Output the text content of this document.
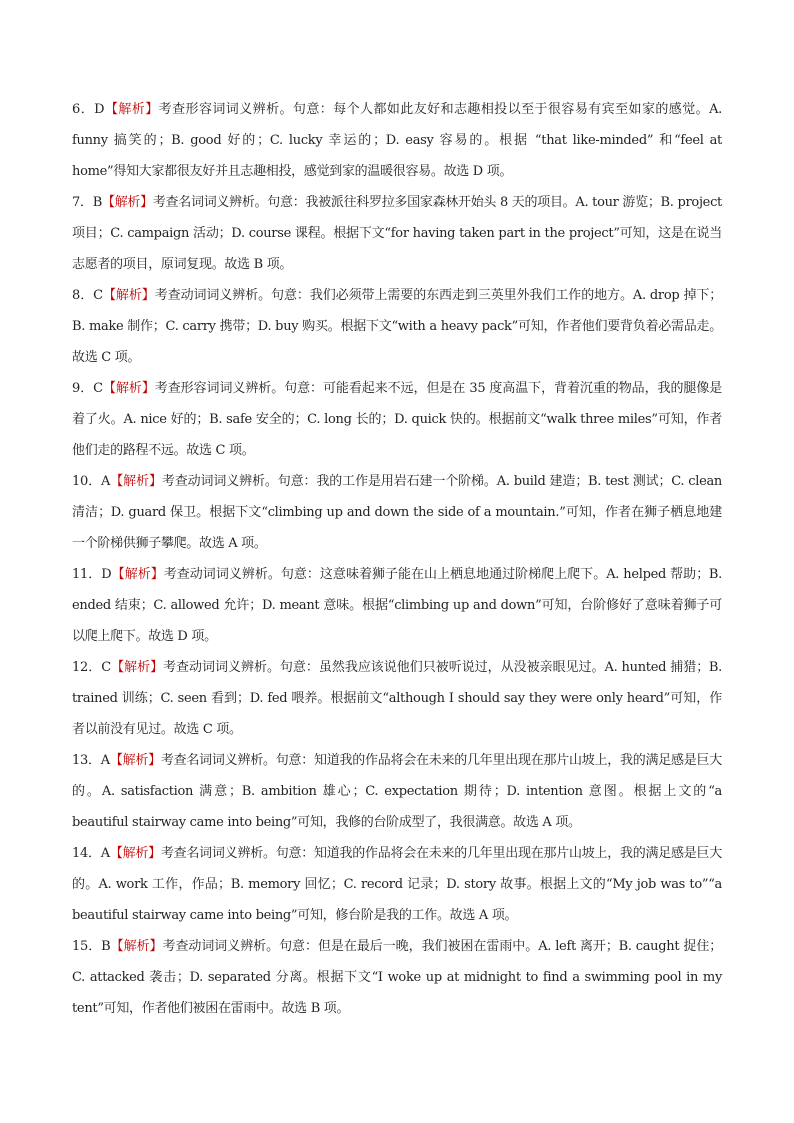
6．D【解析】考查形容词词义辨析。句意：每个人都如此友好和志趣相投以至于很容易有宾至如家的感觉。A. funny 搞笑的；B. good 好的；C. lucky 幸运的；D. easy 容易的。根据 “that like-minded” 和“feel at home”得知大家都很友好并且志趣相投，感觉到家的温暖很容易。故选 D 项。

7．B【解析】考查名词词义辨析。句意：我被派往科罗拉多国家森林开始头 8 天的项目。A. tour 游览；B. project 项目；C. campaign 活动；D. course 课程。根据下文“for having taken part in the project”可知，这是在说当志愿者的项目，原词复现。故选 B 项。

8．C【解析】考查动词词义辨析。句意：我们必须带上需要的东西走到三英里外我们工作的地方。A. drop 掉下；B. make 制作；C. carry 携带；D. buy 购买。根据下文“with a heavy pack”可知，作者他们要背负着必需品走。故选 C 项。

9．C【解析】考查形容词词义辨析。句意：可能看起来不远，但是在 35 度高温下，背着沉重的物品，我的腿像是着了火。A. nice 好的；B. safe 安全的；C. long 长的；D. quick 快的。根据前文“walk three miles”可知，作者他们走的路程不远。故选 C 项。

10．A【解析】考查动词词义辨析。句意：我的工作是用岩石建一个阶梯。A. build 建造；B. test 测试；C. clean 清洁；D. guard 保卫。根据下文“climbing up and down the side of a mountain.”可知，作者在狮子栖息地建一个阶梯供狮子攀爬。故选 A 项。

11．D【解析】考查动词词义辨析。句意：这意味着狮子能在山上栖息地通过阶梯爬上爬下。A. helped 帮助；B. ended 结束；C. allowed 允许；D. meant 意味。根据“climbing up and down”可知，台阶修好了意味着狮子可以爬上爬下。故选 D 项。

12．C【解析】考查动词词义辨析。句意：虽然我应该说他们只被听说过，从没被亲眼见过。A. hunted 捕猎；B. trained 训练；C. seen 看到；D. fed 喂养。根据前文“although I should say they were only heard”可知，作者以前没有见过。故选 C 项。

13．A【解析】考查名词词义辨析。句意：知道我的作品将会在未来的几年里出现在那片山坡上，我的满足感是巨大的。A. satisfaction 满意；B. ambition 雄心；C. expectation 期待；D. intention 意图。根据上文的“a beautiful stairway came into being”可知，我修的台阶成型了，我很满意。故选 A 项。

14．A【解析】考查名词词义辨析。句意：知道我的作品将会在未来的几年里出现在那片山坡上，我的满足感是巨大的。A. work 工作，作品；B. memory 回忆；C. record 记录；D. story 故事。根据上文的“My job was to”“a beautiful stairway came into being”可知，修台阶是我的工作。故选 A 项。

15．B【解析】考查动词词义辨析。句意：但是在最后一晚，我们被困在雷雨中。A. left 离开；B. caught 捉住；C. attacked 袭击；D. separated 分离。根据下文“I woke up at midnight to find a swimming pool in my tent”可知，作者他们被困在雷雨中。故选 B 项。
